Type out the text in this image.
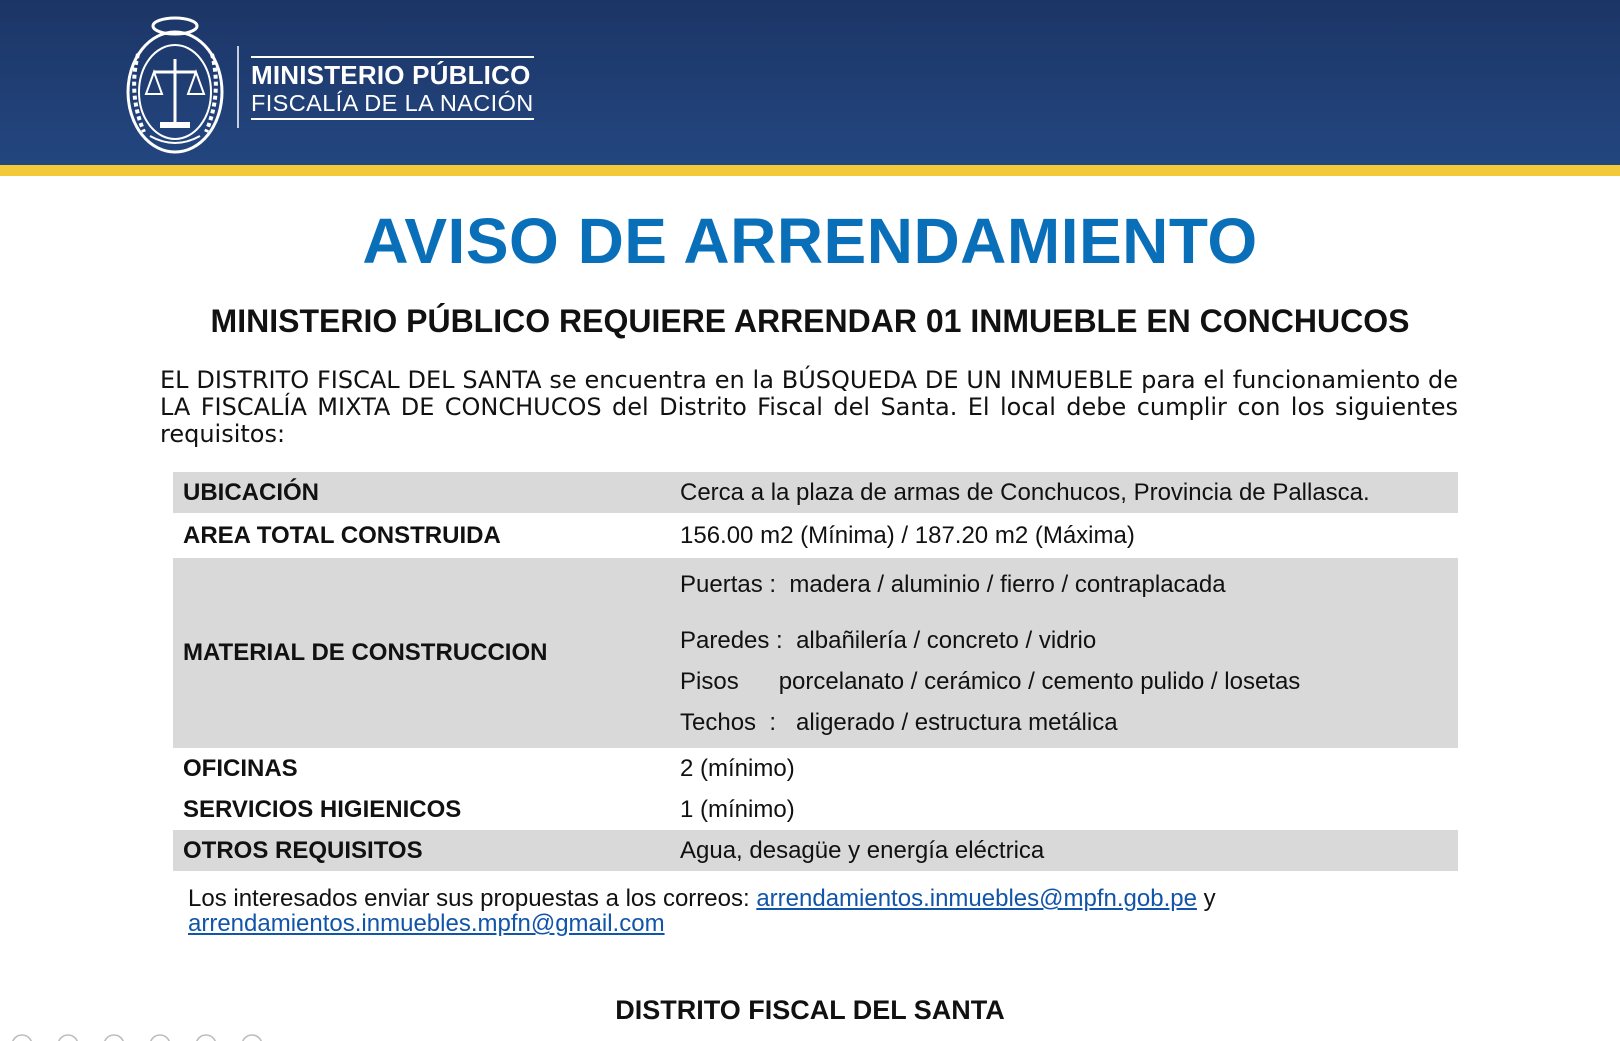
MINISTERIO PÚBLICO
FISCALÍA DE LA NACIÓN
AVISO DE ARRENDAMIENTO
MINISTERIO PÚBLICO REQUIERE ARRENDAR 01 INMUEBLE EN CONCHUCOS
EL DISTRITO FISCAL DEL SANTA se encuentra en la BÚSQUEDA DE UN INMUEBLE para el funcionamiento de LA FISCALÍA MIXTA DE CONCHUCOS del Distrito Fiscal del Santa. El local debe cumplir con los siguientes requisitos:
UBICACIÓN	Cerca a la plaza de armas de Conchucos, Provincia de Pallasca.
AREA TOTAL CONSTRUIDA	156.00 m2 (Mínima) / 187.20 m2 (Máxima)
MATERIAL DE CONSTRUCCION	Puertas :  madera / aluminio / fierro / contraplacada
Paredes :  albañilería / concreto / vidrio
Pisos      porcelanato / cerámico / cemento pulido / losetas
Techos  :   aligerado / estructura metálica

OFICINAS	2 (mínimo)
SERVICIOS HIGIENICOS	1 (mínimo)
OTROS REQUISITOS	Agua, desagüe y energía eléctrica
Los interesados enviar sus propuestas a los correos: arrendamientos.inmuebles@mpfn.gob.pe y
arrendamientos.inmuebles.mpfn@gmail.com
DISTRITO FISCAL DEL SANTA
